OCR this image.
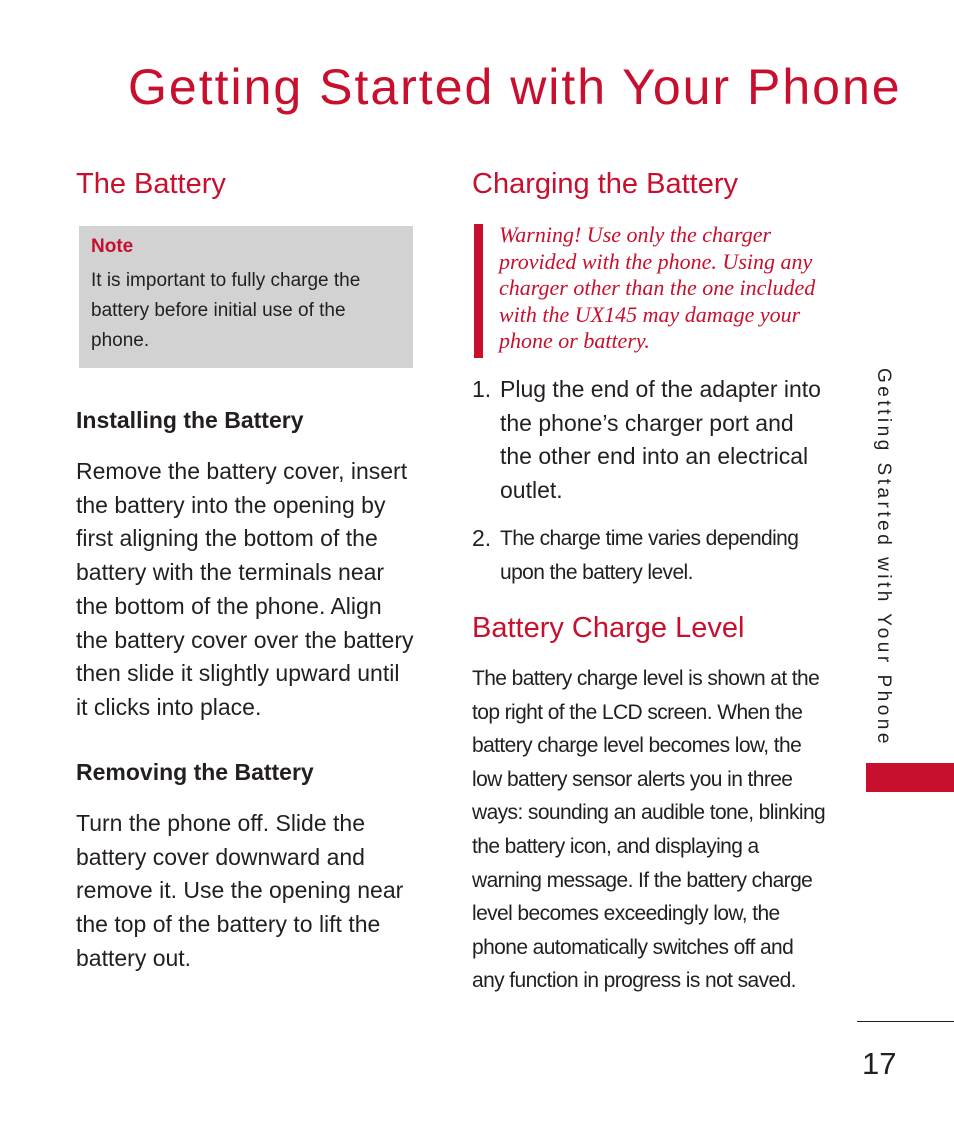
Getting Started with Your Phone
The Battery

Note

It is important to fully charge the battery before initial use of the phone.

Installing the Battery

Remove the battery cover, insert the battery into the opening by first aligning the bottom of the battery with the terminals near the bottom of the phone. Align the battery cover over the battery then slide it slightly upward until it clicks into place.

Removing the Battery

Turn the phone off. Slide the battery cover downward and remove it. Use the opening near the top of the battery to lift the battery out.

Charging the Battery

Warning! Use only the charger provided with the phone. Using any charger other than the one included with the UX145 may damage your phone or battery.

1. Plug the end of the adapter into the phone’s charger port and the other end into an electrical outlet.
2. The charge time varies depending upon the battery level.
Battery Charge Level

The battery charge level is shown at the top right of the LCD screen. When the battery charge level becomes low, the low battery sensor alerts you in three ways: sounding an audible tone, blinking the battery icon, and displaying a warning message. If the battery charge level becomes exceedingly low, the phone automatically switches off and any function in progress is not saved.

Getting Started with Your Phone

17
